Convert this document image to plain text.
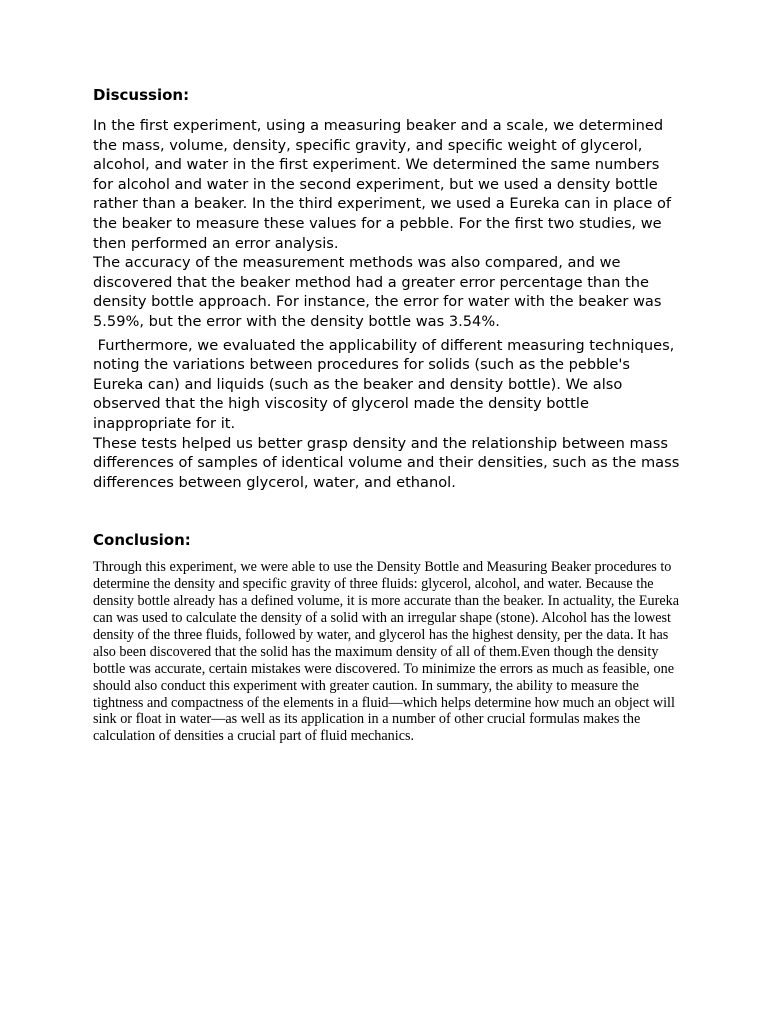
Discussion:

In the first experiment, using a measuring beaker and a scale, we determined the mass, volume, density, specific gravity, and specific weight of glycerol, alcohol, and water in the first experiment. We determined the same numbers for alcohol and water in the second experiment, but we used a density bottle rather than a beaker. In the third experiment, we used a Eureka can in place of the beaker to measure these values for a pebble. For the first two studies, we then performed an error analysis.

The accuracy of the measurement methods was also compared, and we discovered that the beaker method had a greater error percentage than the density bottle approach. For instance, the error for water with the beaker was 5.59%, but the error with the density bottle was 3.54%.

Furthermore, we evaluated the applicability of different measuring techniques, noting the variations between procedures for solids (such as the pebble's Eureka can) and liquids (such as the beaker and density bottle). We also observed that the high viscosity of glycerol made the density bottle inappropriate for it.

These tests helped us better grasp density and the relationship between mass differences of samples of identical volume and their densities, such as the mass differences between glycerol, water, and ethanol.

Conclusion:

Through this experiment, we were able to use the Density Bottle and Measuring Beaker procedures to determine the density and specific gravity of three fluids: glycerol, alcohol, and water. Because the density bottle already has a defined volume, it is more accurate than the beaker. In actuality, the Eureka can was used to calculate the density of a solid with an irregular shape (stone). Alcohol has the lowest density of the three fluids, followed by water, and glycerol has the highest density, per the data. It has also been discovered that the solid has the maximum density of all of them.Even though the density bottle was accurate, certain mistakes were discovered. To minimize the errors as much as feasible, one should also conduct this experiment with greater caution. In summary, the ability to measure the tightness and compactness of the elements in a fluid—which helps determine how much an object will sink or float in water—as well as its application in a number of other crucial formulas makes the calculation of densities a crucial part of fluid mechanics.
